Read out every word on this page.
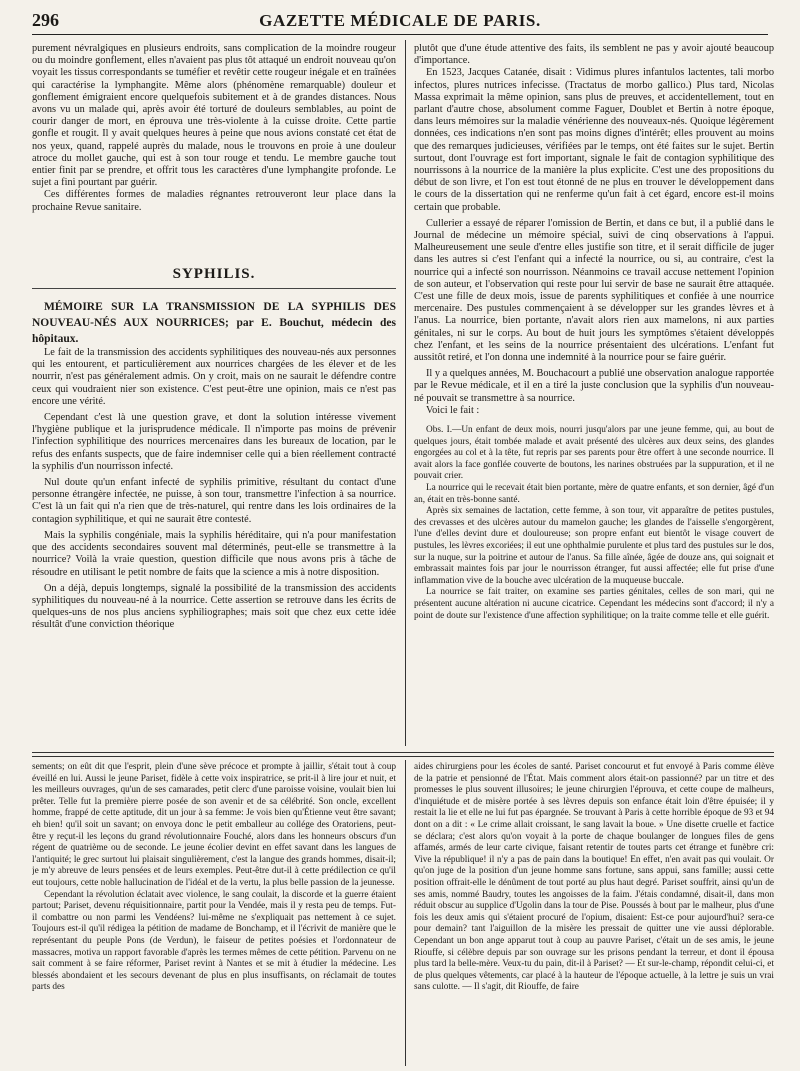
296	GAZETTE MÉDICALE DE PARIS.

purement névralgiques en plusieurs endroits, sans complication de la moindre rougeur ou du moindre gonflement, elles n'avaient pas plus tôt attaqué un endroit nouveau qu'on voyait les tissus correspondants se tuméfier et revêtir cette rougeur inégale et en traînées qui caractérise la lymphangite. Même alors (phénomène remarquable) douleur et gonflement émigraient encore quelquefois subitement et à de grandes distances. Nous avons vu un malade qui, après avoir été torturé de douleurs semblables, au point de courir danger de mort, en éprouva une très-violente à la cuisse droite. Cette partie gonfle et rougit. Il y avait quelques heures à peine que nous avions constaté cet état de nos yeux, quand, rappelé auprès du malade, nous le trouvons en proie à une douleur atroce du mollet gauche, qui est à son tour rouge et tendu. Le membre gauche tout entier finit par se prendre, et offrit tous les caractères d'une lymphangite profonde. Le sujet a fini pourtant par guérir.

Ces différentes formes de maladies régnantes retrouveront leur place dans la prochaine Revue sanitaire.

SYPHILIS.

MÉMOIRE SUR LA TRANSMISSION DE LA SYPHILIS DES NOUVEAU-NÉS AUX NOURRICES; par E. Bouchut, médecin des hôpitaux.

Le fait de la transmission des accidents syphilitiques des nouveau-nés aux personnes qui les entourent, et particulièrement aux nourrices chargées de les élever et de les nourrir, n'est pas généralement admis. On y croit, mais on ne saurait le défendre contre ceux qui voudraient nier son existence. C'est peut-être une opinion, mais ce n'est pas encore une vérité.

Cependant c'est là une question grave, et dont la solution intéresse vivement l'hygiène publique et la jurisprudence médicale. Il n'importe pas moins de prévenir l'infection syphilitique des nourrices mercenaires dans les bureaux de location, par le refus des enfants suspects, que de faire indemniser celle qui a bien réellement contracté la syphilis d'un nourrisson infecté.

Nul doute qu'un enfant infecté de syphilis primitive, résultant du contact d'une personne étrangère infectée, ne puisse, à son tour, transmettre l'infection à sa nourrice. C'est là un fait qui n'a rien que de très-naturel, qui rentre dans les lois ordinaires de la contagion syphilitique, et qui ne saurait être contesté.

Mais la syphilis congéniale, mais la syphilis héréditaire, qui n'a pour manifestation que des accidents secondaires souvent mal déterminés, peut-elle se transmettre à la nourrice? Voilà la vraie question, question difficile que nous avons pris à tâche de résoudre en utilisant le petit nombre de faits que la science a mis à notre disposition.

On a déjà, depuis longtemps, signalé la possibilité de la transmission des accidents syphilitiques du nouveau-né à la nourrice. Cette assertion se retrouve dans les écrits de quelques-uns de nos plus anciens syphiliographes; mais soit que chez eux cette idée résultât d'une conviction théorique

plutôt que d'une étude attentive des faits, ils semblent ne pas y avoir ajouté beaucoup d'importance.

En 1523, Jacques Catanée, disait : Vidimus plures infantulos lactentes, tali morbo infectos, plures nutrices infecisse. (Tractatus de morbo gallico.) Plus tard, Nicolas Massa exprimait la même opinion, sans plus de preuves, et accidentellement, tout en parlant d'autre chose, absolument comme Faguer, Doublet et Bertin à notre époque, dans leurs mémoires sur la maladie vénérienne des nouveaux-nés. Quoique légèrement données, ces indications n'en sont pas moins dignes d'intérêt; elles prouvent au moins que des remarques judicieuses, vérifiées par le temps, ont été faites sur le sujet. Bertin surtout, dont l'ouvrage est fort important, signale le fait de contagion syphilitique des nourrissons à la nourrice de la manière la plus explicite. C'est une des propositions du début de son livre, et l'on est tout étonné de ne plus en trouver le développement dans le cours de la dissertation qui ne renferme qu'un fait à cet égard, encore est-il moins certain que probable.

Cullerier a essayé de réparer l'omission de Bertin, et dans ce but, il a publié dans le Journal de médecine un mémoire spécial, suivi de cinq observations à l'appui. Malheureusement une seule d'entre elles justifie son titre, et il serait difficile de juger dans les autres si c'est l'enfant qui a infecté la nourrice, ou si, au contraire, c'est la nourrice qui a infecté son nourrisson. Néanmoins ce travail accuse nettement l'opinion de son auteur, et l'observation qui reste pour lui servir de base ne saurait être attaquée. C'est une fille de deux mois, issue de parents syphilitiques et confiée à une nourrice mercenaire. Des pustules commençaient à se développer sur les grandes lèvres et à l'anus. La nourrice, bien portante, n'avait alors rien aux mamelons, ni aux parties génitales, ni sur le corps. Au bout de huit jours les symptômes s'étaient développés chez l'enfant, et les seins de la nourrice présentaient des ulcérations. L'enfant fut aussitôt retiré, et l'on donna une indemnité à la nourrice pour se faire guérir.

Il y a quelques années, M. Bouchacourt a publié une observation analogue rapportée par le Revue médicale, et il en a tiré la juste conclusion que la syphilis d'un nouveau-né pouvait se transmettre à sa nourrice.

Voici le fait :

Obs. I.—Un enfant de deux mois, nourri jusqu'alors par une jeune femme, qui, au bout de quelques jours, était tombée malade et avait présenté des ulcères aux deux seins, des glandes engorgées au col et à la tête, fut repris par ses parents pour être offert à une seconde nourrice. Il avait alors la face gonflée couverte de boutons, les narines obstruées par la suppuration, et il ne pouvait crier.

La nourrice qui le recevait était bien portante, mère de quatre enfants, et son dernier, âgé d'un an, était en très-bonne santé.

Après six semaines de lactation, cette femme, à son tour, vit apparaître de petites pustules, des crevasses et des ulcères autour du mamelon gauche; les glandes de l'aisselle s'engorgèrent, l'une d'elles devint dure et douloureuse; son propre enfant eut bientôt le visage couvert de pustules, les lèvres excoriées; il eut une ophthalmie purulente et plus tard des pustules sur le dos, sur la nuque, sur la poitrine et autour de l'anus. Sa fille aînée, âgée de douze ans, qui soignait et embrassait maintes fois par jour le nourrisson étranger, fut aussi affectée; elle fut prise d'une inflammation vive de la bouche avec ulcération de la muqueuse buccale.

La nourrice se fait traiter, on examine ses parties génitales, celles de son mari, qui ne présentent aucune altération ni aucune cicatrice. Cependant les médecins sont d'accord; il n'y a point de doute sur l'existence d'une affection syphilitique; on la traite comme telle et elle guérit.

sements; on eût dit que l'esprit, plein d'une sève précoce et prompte à jaillir, s'était tout à coup éveillé en lui. Aussi le jeune Pariset, fidèle à cette voix inspiratrice, se prit-il à lire jour et nuit, et les meilleurs ouvrages, qu'un de ses camarades, petit clerc d'une paroisse voisine, voulait bien lui prêter. Telle fut la première pierre posée de son avenir et de sa célébrité. Son oncle, excellent homme, frappé de cette aptitude, dit un jour à sa femme: Je vois bien qu'Étienne veut être savant; eh bien! qu'il soit un savant; on envoya donc le petit emballeur au collége des Oratoriens, peut-être y reçut-il les leçons du grand révolutionnaire Fouché, alors dans les honneurs obscurs d'un régent de quatrième ou de seconde. Le jeune écolier devint en effet savant dans les langues de l'antiquité; le grec surtout lui plaisait singulièrement, c'est la langue des grands hommes, disait-il; je m'y abreuve de leurs pensées et de leurs exemples. Peut-être dut-il à cette prédilection ce qu'il eut toujours, cette noble hallucination de l'idéal et de la vertu, la plus belle passion de la jeunesse.

Cependant la révolution éclatait avec violence, le sang coulait, la discorde et la guerre étaient partout; Pariset, devenu réquisitionnaire, partit pour la Vendée, mais il y resta peu de temps. Fut-il combattre ou non parmi les Vendéens? lui-même ne s'expliquait pas nettement à ce sujet. Toujours est-il qu'il rédigea la pétition de madame de Bonchamp, et il l'écrivit de manière que le représentant du peuple Pons (de Verdun), le faiseur de petites poésies et l'ordonnateur de massacres, motiva un rapport favorable d'après les termes mêmes de cette pétition. Parvenu on ne sait comment à se faire réformer, Pariset revint à Nantes et se mit à étudier la médecine. Les blessés abondaient et les secours devenant de plus en plus insuffisants, on réclamait de toutes parts des

aides chirurgiens pour les écoles de santé. Pariset concourut et fut envoyé à Paris comme élève de la patrie et pensionné de l'État. Mais comment alors était-on passionné? par un titre et des promesses le plus souvent illusoires; le jeune chirurgien l'éprouva, et cette coupe de malheurs, d'inquiétude et de misère portée à ses lèvres depuis son enfance était loin d'être épuisée; il y restait la lie et elle ne lui fut pas épargnée. Se trouvant à Paris à cette horrible époque de 93 et 94 dont on a dit : « Le crime allait croissant, le sang lavait la boue. » Une disette cruelle et factice se déclara; c'est alors qu'on voyait à la porte de chaque boulanger de longues files de gens affamés, armés de leur carte civique, faisant retentir de toutes parts cet étrange et funèbre cri: Vive la république! il n'y a pas de pain dans la boutique! En effet, n'en avait pas qui voulait. Or qu'on juge de la position d'un jeune homme sans fortune, sans appui, sans famille; aussi cette position offrait-elle le dénûment de tout porté au plus haut degré. Pariset souffrit, ainsi qu'un de ses amis, nommé Baudry, toutes les angoisses de la faim. J'étais condamné, disait-il, dans mon réduit obscur au supplice d'Ugolin dans la tour de Pise. Poussés à bout par le malheur, plus d'une fois les deux amis qui s'étaient procuré de l'opium, disaient: Est-ce pour aujourd'hui? sera-ce pour demain? tant l'aiguillon de la misère les pressait de quitter une vie aussi déplorable. Cependant un bon ange apparut tout à coup au pauvre Pariset, c'était un de ses amis, le jeune Riouffe, si célèbre depuis par son ouvrage sur les prisons pendant la terreur, et dont il épousa plus tard la belle-mère. Veux-tu du pain, dit-il à Pariset? — Et sur-le-champ, répondit celui-ci, et de plus quelques vêtements, car placé à la hauteur de l'époque actuelle, à la lettre je suis un vrai sans culotte. — Il s'agit, dit Riouffe, de faire
